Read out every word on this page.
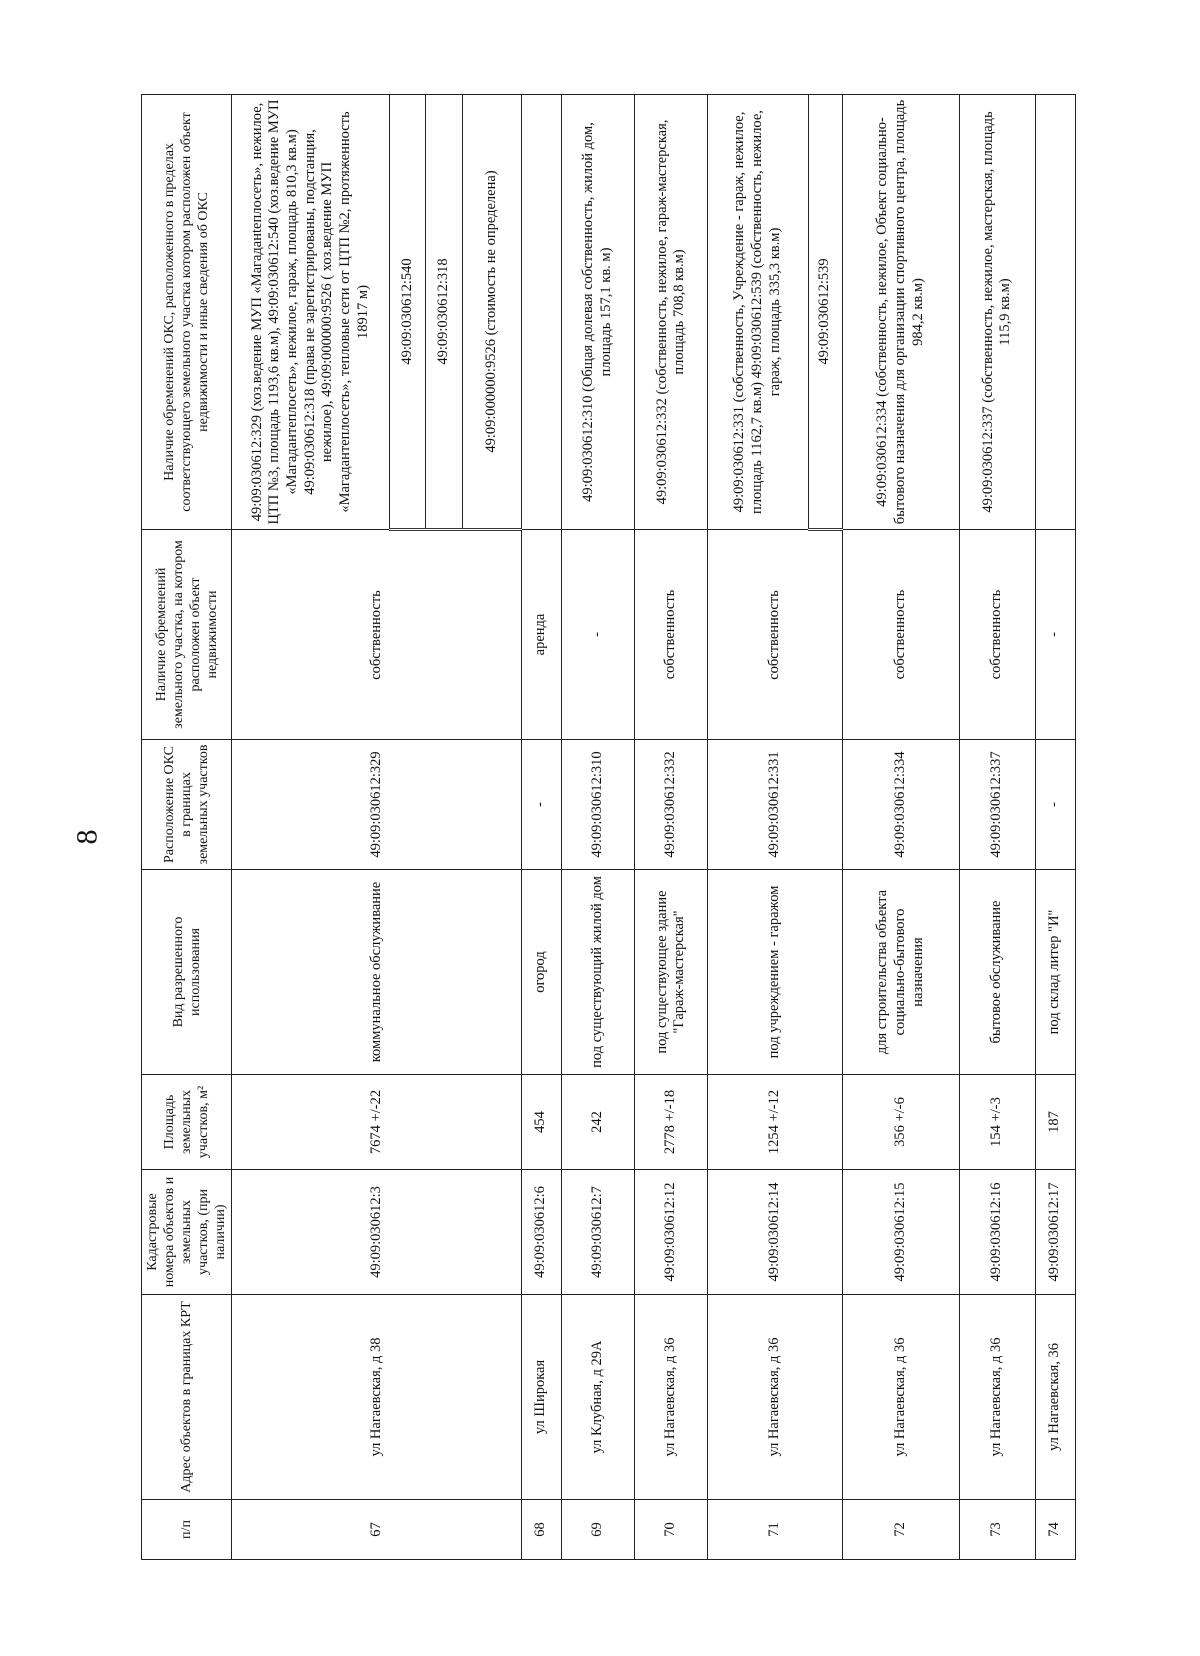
8
п/п	Адрес объектов в границах КРТ	Кадастровые номера объектов и земельных участков, (при наличии)	Площадь земельных участков, м²	Вид разрешенного использования	Расположение ОКС в границах земельных участков	Наличие обременений земельного участка, на котором расположен объект недвижимости	Наличие обременений ОКС, расположенного в пределах соответствующего земельного участка котором расположен объект недвижимости и иные сведения об ОКС
67	ул Нагаевская, д 38	49:09:030612:3	7674 +/-22	коммунальное обслуживание	49:09:030612:329	собственность	49:09:030612:329 (хоз.ведение МУП «Магаданteплосеть», нежилое, ЦТП №3, площадь 1193,6 кв.м), 49:09:030612:540 (хоз.ведение МУП «Магадантеплосеть», нежилое, гараж, площадь 810,3 кв.м) 49:09:030612:318 (права не зарегистрированы, подстанция, нежилое), 49:09:000000:9526 ( хоз.ведение МУП «Магадантеплосеть», тепловые сети от ЦТП №2, протяженность 18917 м)
							49:09:030612:540
							49:09:030612:318
							49:09:000000:9526 (стоимость не определена)
68	ул Широкая	49:09:030612:6	454	огород	-	аренда	
69	ул Клубная, д 29А	49:09:030612:7	242	под существующий жилой дом	49:09:030612:310	-	49:09:030612:310 (Общая долевая собственность, жилой дом, площадь 157,1 кв. м)
70	ул Нагаевская, д 36	49:09:030612:12	2778 +/-18	под существующее здание "Гараж-мастерская"	49:09:030612:332	собственность	49:09:030612:332 (собственность, нежилое, гараж-мастерская, площадь 708,8 кв.м)
71	ул Нагаевская, д 36	49:09:030612:14	1254 +/-12	под учреждением - гаражом	49:09:030612:331	собственность	49:09:030612:331 (собственность, Учреждение - гараж, нежилое, площадь 1162,7 кв.м) 49:09:030612:539 (собственность, нежилое, гараж, площадь 335,3 кв.м)
							49:09:030612:539
72	ул Нагаевская, д 36	49:09:030612:15	356 +/-6	для строительства объекта социально-бытового назначения	49:09:030612:334	собственность	49:09:030612:334 (собственность, нежилое, Объект социально-бытового назначения для организации спортивного центра, площадь 984,2 кв.м)
73	ул Нагаевская, д 36	49:09:030612:16	154 +/-3	бытовое обслуживание	49:09:030612:337	собственность	49:09:030612:337 (собственность, нежилое, мастерская, площадь 115,9 кв.м)
74	ул Нагаевская, 36	49:09:030612:17	187	под склад литер "И"	-	-	
